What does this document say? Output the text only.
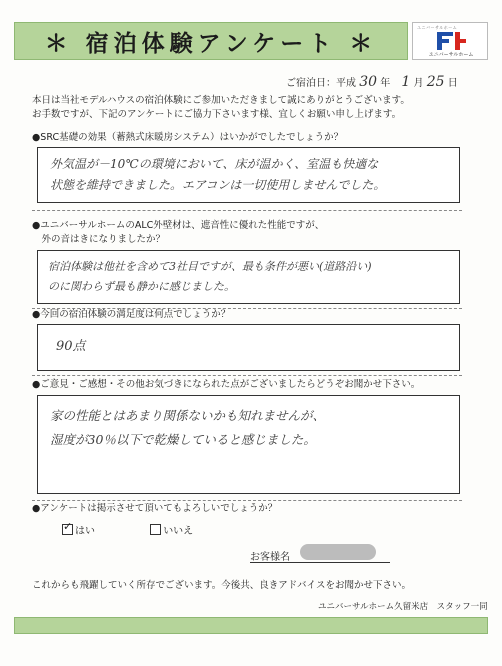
＊ 宿泊体験アンケート ＊
ユニバーサルホーム
ユニバーサルホーム
ご宿泊日：平成 30 年 1 月 25 日
本日は当社モデルハウスの宿泊体験にご参加いただきまして誠にありがとうございます。
お手数ですが、下記のアンケートにご協力下さいます様、宜しくお願い申し上げます。
●SRC基礎の効果（蓄熱式床暖房システム）はいかがでしたでしょうか？
外気温が－10℃の環境において、床が温かく、室温も快適な
状態を維持できました。エアコンは一切使用しませんでした。
●ユニバーサルホームのALC外壁材は、遮音性に優れた性能ですが、
　外の音はきになりましたか？
宿泊体験は他社を含めて3社目ですが、最も条件が悪い(道路沿い)
のに関わらず最も静かに感じました。
●今回の宿泊体験の満足度は何点でしょうか？
90点
●ご意見・ご感想・その他お気づきになられた点がございましたらどうぞお聞かせ下さい。
家の性能とはあまり関係ないかも知れませんが、
湿度が30％以下で乾燥していると感じました。
●アンケートは掲示させて頂いてもよろしいでしょうか？
✓はい	いいえ
お客様名
これからも飛躍していく所存でございます。今後共、良きアドバイスをお聞かせ下さい。
ユニバーサルホーム久留米店　スタッフ一同
